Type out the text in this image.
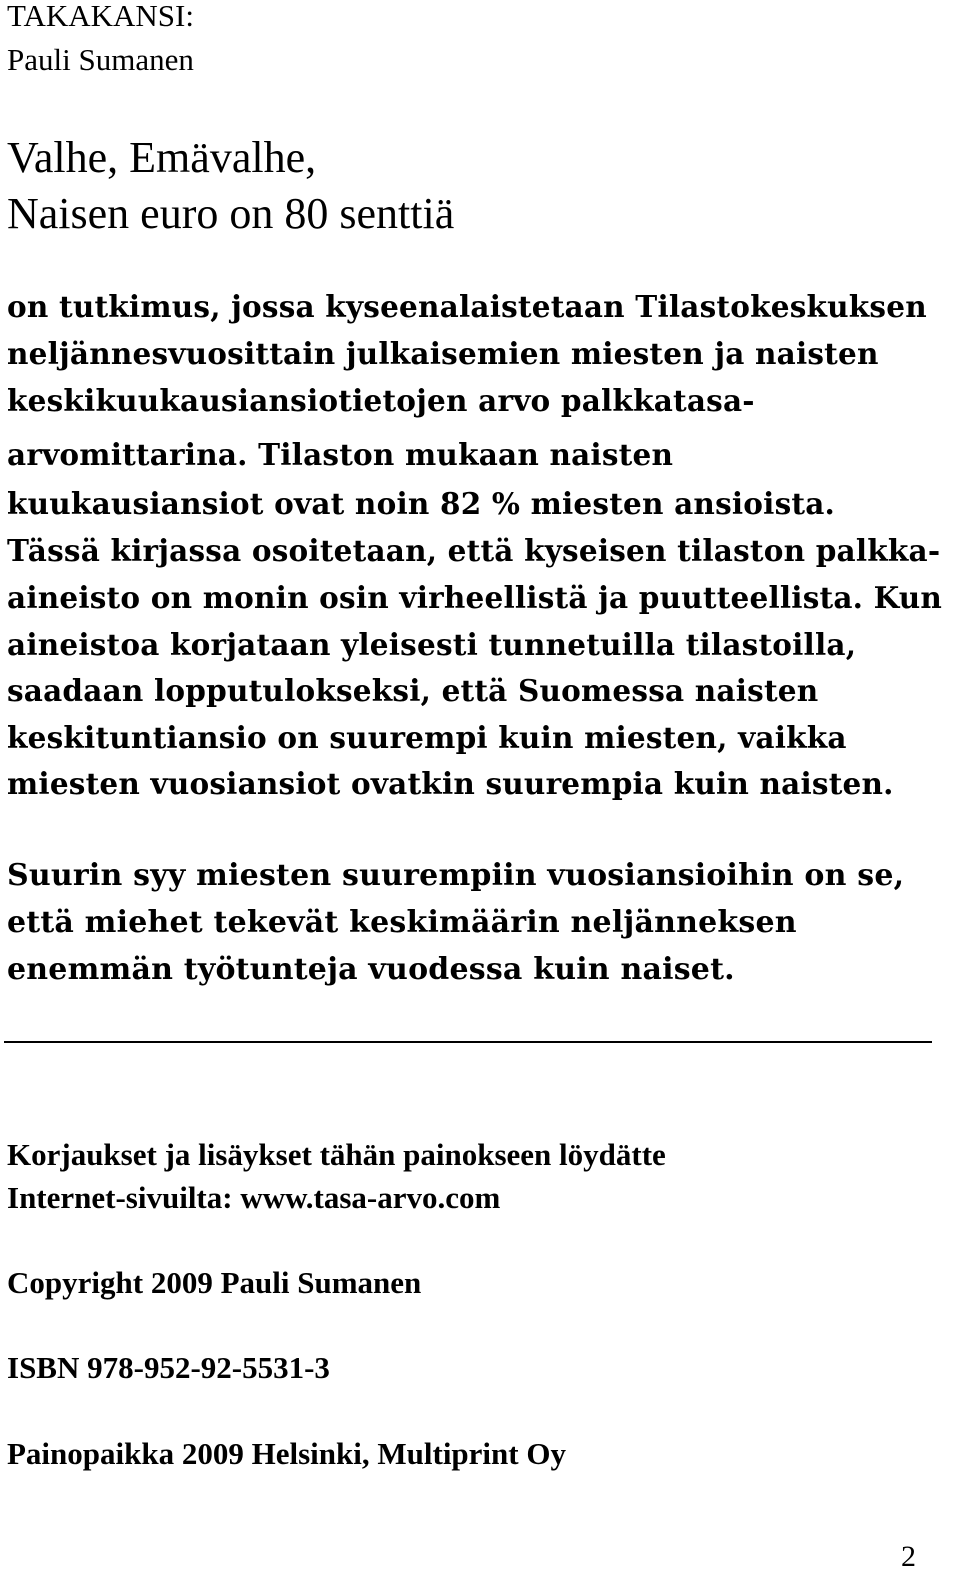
TAKAKANSI:
Pauli Sumanen
Valhe, Emävalhe,
Naisen euro on 80 senttiä
on tutkimus, jossa kyseenalaistetaan Tilastokeskuksen
neljännesvuosittain julkaisemien miesten ja naisten
keskikuukausiansiotietojen arvo palkkatasa-
arvomittarina. Tilaston mukaan naisten
kuukausiansiot ovat noin 82 % miesten ansioista.
Tässä kirjassa osoitetaan, että kyseisen tilaston palkka-
aineisto on monin osin virheellistä ja puutteellista. Kun
aineistoa korjataan yleisesti tunnetuilla tilastoilla,
saadaan lopputulokseksi, että Suomessa naisten
keskituntiansio on suurempi kuin miesten, vaikka
miesten vuosiansiot ovatkin suurempia kuin naisten.
Suurin syy miesten suurempiin vuosiansioihin on se,
että miehet tekevät keskimäärin neljänneksen
enemmän työtunteja vuodessa kuin naiset.
Korjaukset ja lisäykset tähän painokseen löydätte
Internet-sivuilta: www.tasa-arvo.com
Copyright 2009 Pauli Sumanen
ISBN 978-952-92-5531-3
Painopaikka 2009 Helsinki, Multiprint Oy
2
